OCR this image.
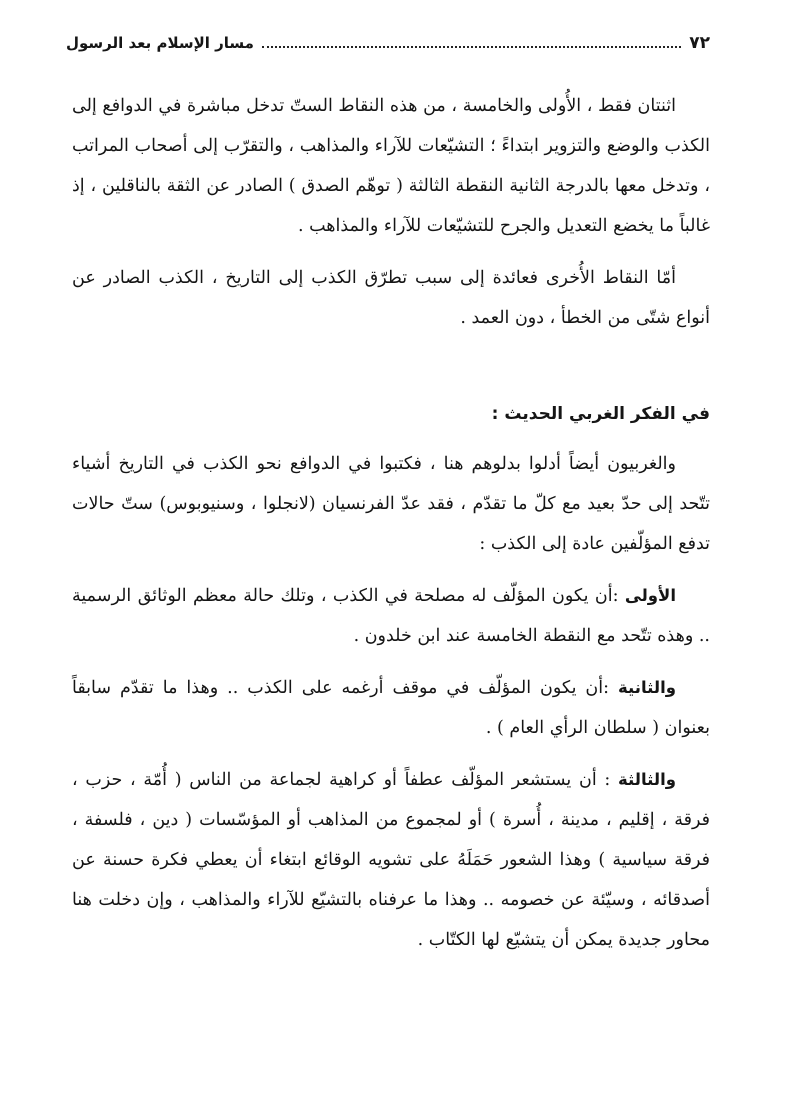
٧٢
مسار الإسلام بعد الرسول

اثنتان فقط ، الأُولى والخامسة ، من هذه النقاط الستّ تدخل مباشرة في الدوافع إلى الكذب والوضع والتزوير ابتداءً ؛ التشيّعات للآراء والمذاهب ، والتقرّب إلى أصحاب المراتب ، وتدخل معها بالدرجة الثانية النقطة الثالثة ( توهّم الصدق ) الصادر عن الثقة بالناقلين ، إذ غالباً ما يخضع التعديل والجرح للتشيّعات للآراء والمذاهب .

أمّا النقاط الأُخرى فعائدة إلى سبب تطرّق الكذب إلى التاريخ ، الكذب الصادر عن أنواع شتّى من الخطأ ، دون العمد .

في الفكر الغربي الحديث :

والغربيون أيضاً أدلوا بدلوهم هنا ، فكتبوا في الدوافع نحو الكذب في التاريخ أشياء تتّحد إلى حدّ بعيد مع كلّ ما تقدّم ، فقد عدّ الفرنسيان (لانجلوا ، وسنيوبوس) ستّ حالات تدفع المؤلّفين عادة إلى الكذب :

الأولى :أن يكون المؤلّف له مصلحة في الكذب ، وتلك حالة معظم الوثائق الرسمية .. وهذه تتّحد مع النقطة الخامسة عند ابن خلدون .

والثانية :أن يكون المؤلّف في موقف أرغمه على الكذب .. وهذا ما تقدّم سابقاً بعنوان ( سلطان الرأي العام ) .

والثالثة : أن يستشعر المؤلّف عطفاً أو كراهية لجماعة من الناس ( أُمّة ، حزب ، فرقة ، إقليم ، مدينة ، أُسرة ) أو لمجموع من المذاهب أو المؤسّسات ( دين ، فلسفة ، فرقة سياسية ) وهذا الشعور حَمَلَهُ على تشويه الوقائع ابتغاء أن يعطي فكرة حسنة عن أصدقائه ، وسيّئة عن خصومه .. وهذا ما عرفناه بالتشيّع للآراء والمذاهب ، وإن دخلت هنا محاور جديدة يمكن أن يتشيّع لها الكتّاب .
